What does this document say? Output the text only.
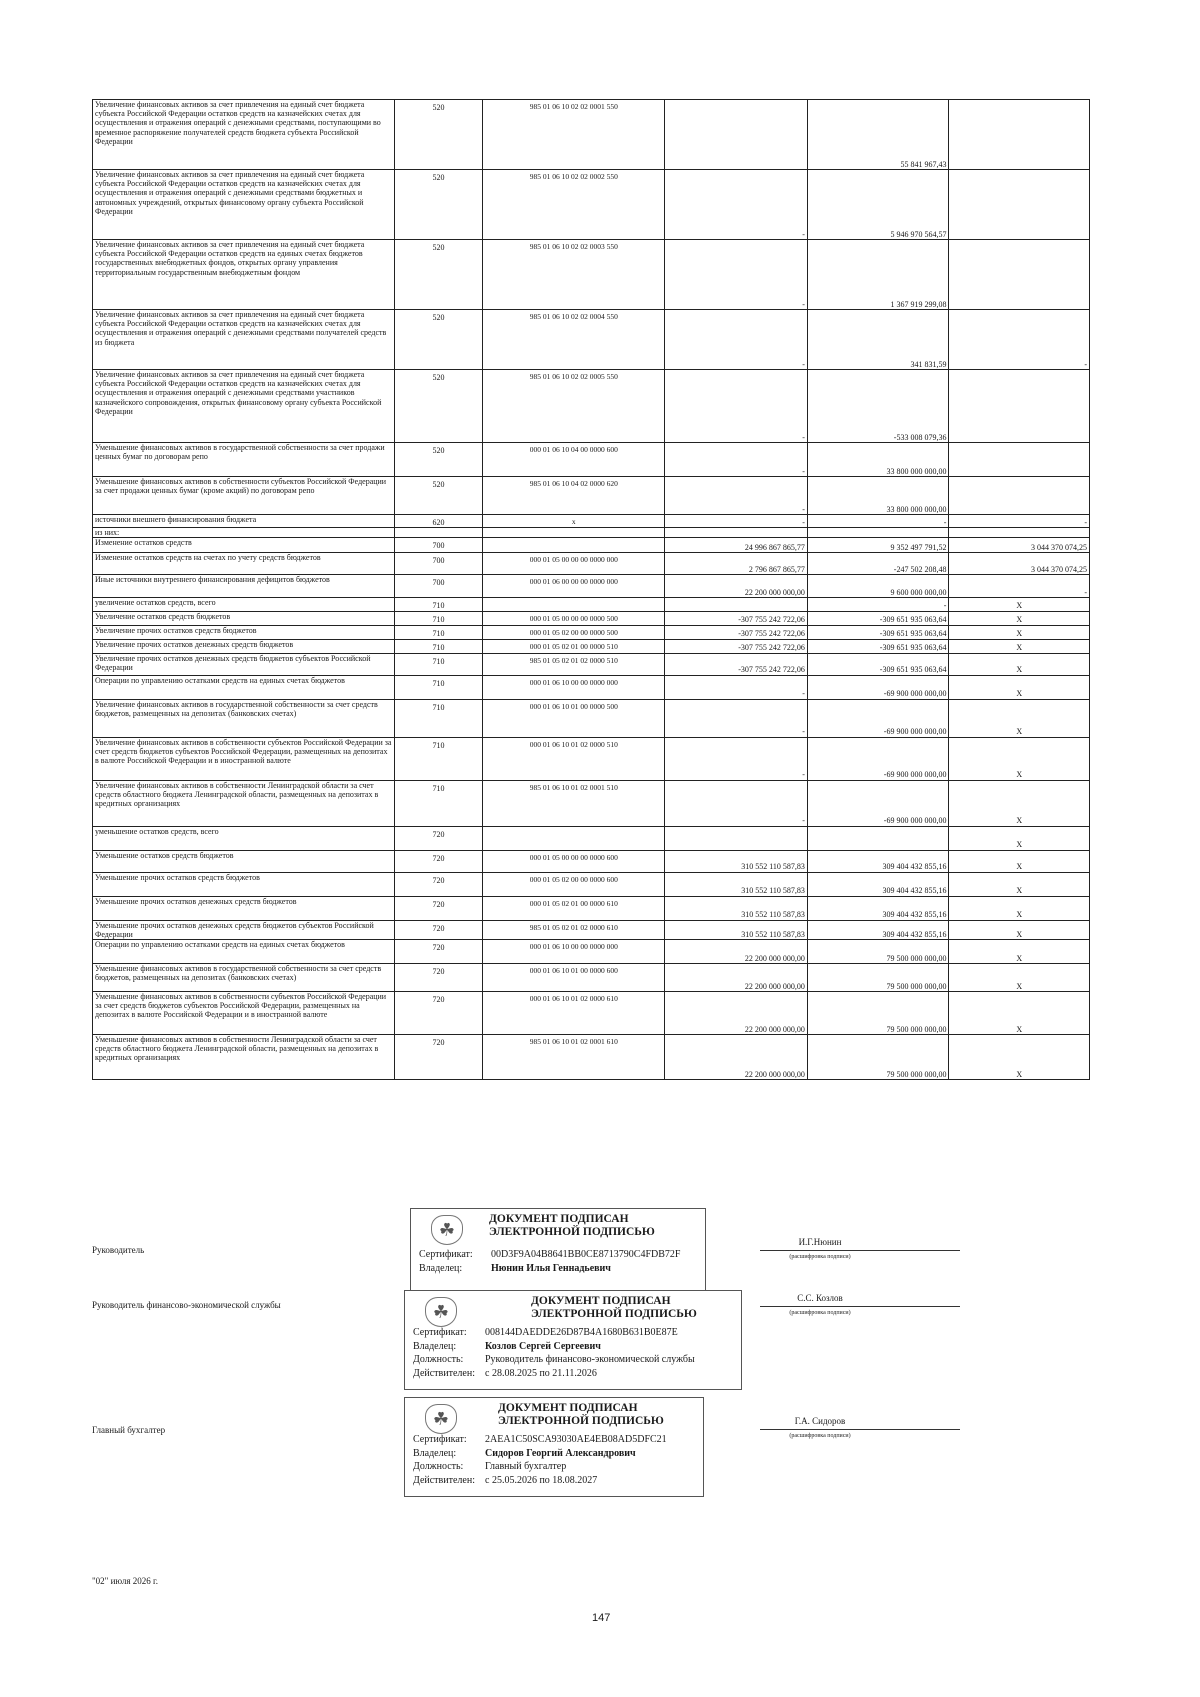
Увеличение финансовых активов за счет привлечения на единый счет бюджета субъекта Российской Федерации остатков средств на казначейских счетах для осуществления и отражения операций с денежными средствами, поступающими во временное распоряжение получателей средств бюджета субъекта Российской Федерации	520	985 01 06 10 02 02 0001 550		55 841 967,43	
Увеличение финансовых активов за счет привлечения на единый счет бюджета субъекта Российской Федерации остатков средств на казначейских счетах для осуществления и отражения операций с денежными средствами бюджетных и автономных учреждений, открытых финансовому органу субъекта Российской Федерации	520	985 01 06 10 02 02 0002 550	-	5 946 970 564,57	
Увеличение финансовых активов за счет привлечения на единый счет бюджета субъекта Российской Федерации остатков средств на единых счетах бюджетов государственных внебюджетных фондов, открытых органу управления территориальным государственным внебюджетным фондом	520	985 01 06 10 02 02 0003 550	-	1 367 919 299,08	
Увеличение финансовых активов за счет привлечения на единый счет бюджета субъекта Российской Федерации остатков средств на казначейских счетах для осуществления и отражения операций с денежными средствами получателей средств из бюджета	520	985 01 06 10 02 02 0004 550	-	341 831,59	-
Увеличение финансовых активов за счет привлечения на единый счет бюджета субъекта Российской Федерации остатков средств на казначейских счетах для осуществления и отражения операций с денежными средствами участников казначейского сопровождения, открытых финансовому органу субъекта Российской Федерации	520	985 01 06 10 02 02 0005 550	-	-533 008 079,36	
Уменьшение финансовых активов в государственной собственности за счет продажи ценных бумаг по договорам репо	520	000 01 06 10 04 00 0000 600	-	33 800 000 000,00	
Уменьшение финансовых активов в собственности субъектов Российской Федерации за счет продажи ценных бумаг (кроме акций) по договорам репо	520	985 01 06 10 04 02 0000 620	-	33 800 000 000,00	
источники внешнего финансирования бюджета	620	x	-	-	-
из них:					
Изменение остатков средств	700		24 996 867 865,77	9 352 497 791,52	3 044 370 074,25
Изменение остатков средств на счетах по учету средств бюджетов	700	000 01 05 00 00 00 0000 000	2 796 867 865,77	-247 502 208,48	3 044 370 074,25
Иные источники внутреннего финансирования дефицитов бюджетов	700	000 01 06 00 00 00 0000 000	22 200 000 000,00	9 600 000 000,00	-
увеличение остатков средств, всего	710			-	X
Увеличение остатков средств бюджетов	710	000 01 05 00 00 00 0000 500	-307 755 242 722,06	-309 651 935 063,64	X
Увеличение прочих остатков средств бюджетов	710	000 01 05 02 00 00 0000 500	-307 755 242 722,06	-309 651 935 063,64	X
Увеличение прочих остатков денежных средств бюджетов	710	000 01 05 02 01 00 0000 510	-307 755 242 722,06	-309 651 935 063,64	X
Увеличение прочих остатков денежных средств бюджетов субъектов Российской Федерации	710	985 01 05 02 01 02 0000 510	-307 755 242 722,06	-309 651 935 063,64	X
Операции по управлению остатками средств на единых счетах бюджетов	710	000 01 06 10 00 00 0000 000	-	-69 900 000 000,00	X
Увеличение финансовых активов в государственной собственности за счет средств бюджетов, размещенных на депозитах (банковских счетах)	710	000 01 06 10 01 00 0000 500	-	-69 900 000 000,00	X
Увеличение финансовых активов в собственности субъектов Российской Федерации за счет средств бюджетов субъектов Российской Федерации, размещенных на депозитах в валюте Российской Федерации и в иностранной валюте	710	000 01 06 10 01 02 0000 510	-	-69 900 000 000,00	X
Увеличение финансовых активов в собственности Ленинградской области за счет средств областного бюджета Ленинградской области, размещенных на депозитах в кредитных организациях	710	985 01 06 10 01 02 0001 510	-	-69 900 000 000,00	X
уменьшение остатков средств, всего	720				X
Уменьшение остатков средств бюджетов	720	000 01 05 00 00 00 0000 600	310 552 110 587,83	309 404 432 855,16	X
Уменьшение прочих остатков средств бюджетов	720	000 01 05 02 00 00 0000 600	310 552 110 587,83	309 404 432 855,16	X
Уменьшение прочих остатков денежных средств бюджетов	720	000 01 05 02 01 00 0000 610	310 552 110 587,83	309 404 432 855,16	X
Уменьшение прочих остатков денежных средств бюджетов субъектов Российской Федерации	720	985 01 05 02 01 02 0000 610	310 552 110 587,83	309 404 432 855,16	X
Операции по управлению остатками средств на единых счетах бюджетов	720	000 01 06 10 00 00 0000 000	22 200 000 000,00	79 500 000 000,00	X
Уменьшение финансовых активов в государственной собственности за счет средств бюджетов, размещенных на депозитах (банковских счетах)	720	000 01 06 10 01 00 0000 600	22 200 000 000,00	79 500 000 000,00	X
Уменьшение финансовых активов в собственности субъектов Российской Федерации за счет средств бюджетов субъектов Российской Федерации, размещенных на депозитах в валюте Российской Федерации и в иностранной валюте	720	000 01 06 10 01 02 0000 610	22 200 000 000,00	79 500 000 000,00	X
Уменьшение финансовых активов в собственности Ленинградской области за счет средств областного бюджета Ленинградской области, размещенных на депозитах в кредитных организациях	720	985 01 06 10 01 02 0001 610	22 200 000 000,00	79 500 000 000,00	X
Руководитель
☘
ДОКУМЕНТ ПОДПИСАН
ЭЛЕКТРОННОЙ ПОДПИСЬЮ
Сертификат:	00D3F9A04B8641BB0CE8713790C4FDB72F
Владелец:	Нюнин Илья Геннадьевич
И.Г.Нюнин
(расшифровка подписи)
Руководитель финансово-экономической службы	☘
ДОКУМЕНТ ПОДПИСАН
ЭЛЕКТРОННОЙ ПОДПИСЬЮ
Сертификат:	008144DAEDDE26D87B4A1680B631B0E87E
Владелец:	Козлов Сергей Сергеевич
Должность:	Руководитель финансово-экономической службы
Действителен:	с 28.08.2025 по 21.11.2026
С.С. Козлов
(расшифровка подписи)
Главный бухгалтер
☘
ДОКУМЕНТ ПОДПИСАН
ЭЛЕКТРОННОЙ ПОДПИСЬЮ
Сертификат:	2AEA1C50SCA93030AE4EB08AD5DFC21
Владелец:	Сидоров Георгий Александрович
Должность:	Главный бухгалтер
Действителен:	с 25.05.2026 по 18.08.2027
Г.А. Сидоров
(расшифровка подписи)
"02" июля 2026 г.
147
